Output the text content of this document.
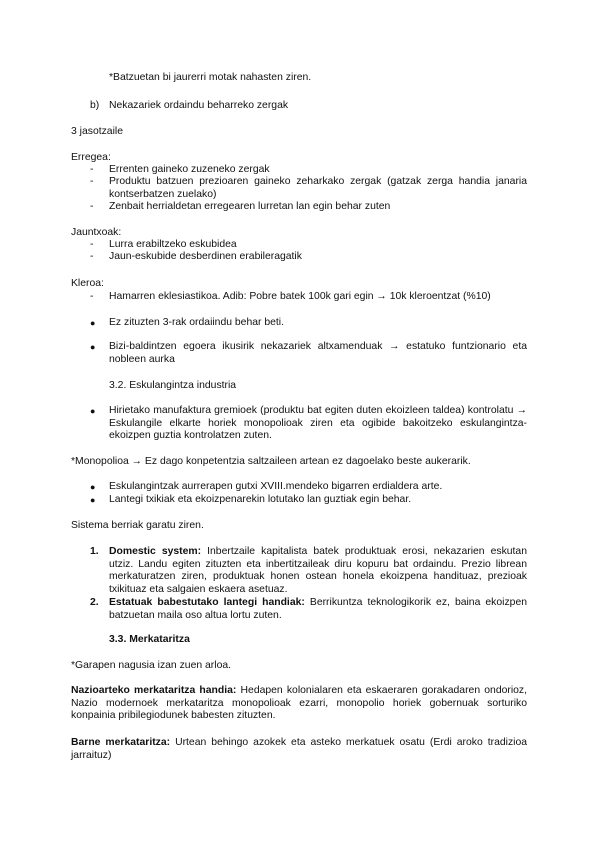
*Batzuetan bi jaurerri motak nahasten ziren.
b) Nekazariek ordaindu beharreko zergak
3 jasotzaile
Erregea:
- Errenten gaineko zuzeneko zergak
- Produktu batzuen prezioaren gaineko zeharkako zergak (gatzak zerga handia janaria kontserbatzen zuelako)
- Zenbait herrialdetan erregearen lurretan lan egin behar zuten
Jauntxoak:
- Lurra erabiltzeko eskubidea
- Jaun-eskubide desberdinen erabileragatik
Kleroa:
- Hamarren eklesiastikoa. Adib: Pobre batek 100k gari egin → 10k kleroentzat (%10)
● Ez zituzten 3-rak ordaiindu behar beti.
● Bizi-baldintzen egoera ikusirik nekazariek altxamenduak → estatuko funtzionario eta nobleen aurka
3.2. Eskulangintza industria
● Hirietako manufaktura gremioek (produktu bat egiten duten ekoizleen taldea) kontrolatu → Eskulangile elkarte horiek monopolioak ziren eta ogibide bakoitzeko eskulangintza-ekoizpen guztia kontrolatzen zuten.
*Monopolioa → Ez dago konpetentzia saltzaileen artean ez dagoelako beste aukerarik.
● Eskulangintzak aurrerapen gutxi XVIII.mendeko bigarren erdialdera arte.
● Lantegi txikiak eta ekoizpenarekin lotutako lan guztiak egin behar.
Sistema berriak garatu ziren.
1. Domestic system: Inbertzaile kapitalista batek produktuak erosi, nekazarien eskutan utziz. Landu egiten zituzten eta inbertitzaileak diru kopuru bat ordaindu. Prezio librean merkaturatzen ziren, produktuak honen ostean honela ekoizpena handituaz, prezioak txikituaz eta salgaien eskaera asetuaz.
2. Estatuak babestutako lantegi handiak: Berrikuntza teknologikorik ez, baina ekoizpen batzuetan maila oso altua lortu zuten.
3.3. Merkataritza
*Garapen nagusia izan zuen arloa.
Nazioarteko merkataritza handia: Hedapen kolonialaren eta eskaeraren gorakadaren ondorioz, Nazio modernoek merkataritza monopolioak ezarri, monopolio horiek gobernuak sorturiko konpainia pribilegiodunek babesten zituzten.
Barne merkataritza: Urtean behingo azokek eta asteko merkatuek osatu (Erdi aroko tradizioa jarraituz)
